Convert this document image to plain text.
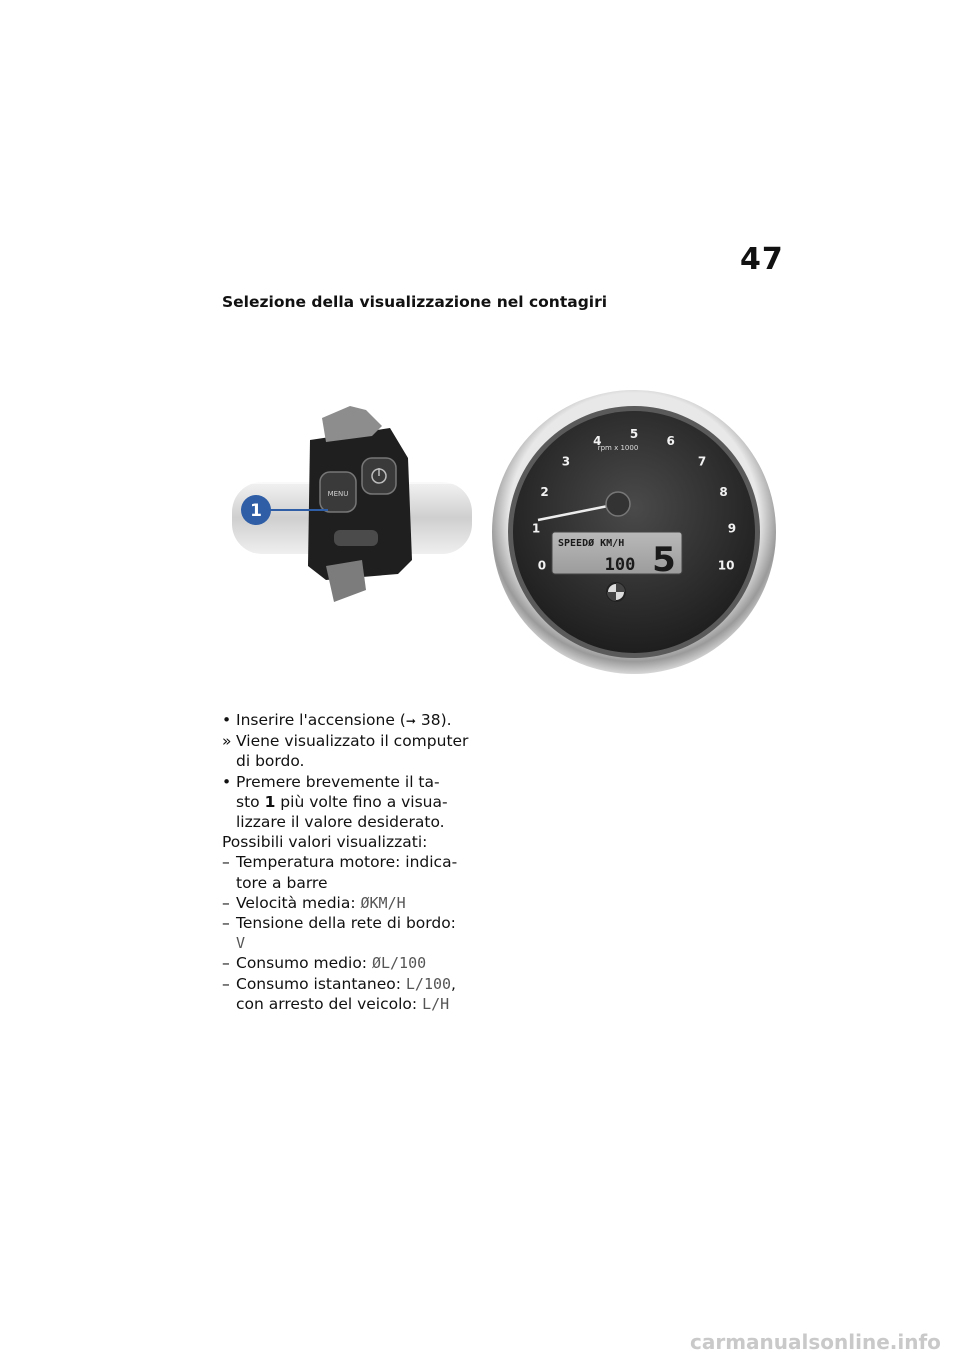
47
Selezione della visualizzazione nel contagiri
MENU
1
0
1
2
3
4
5
6
7
8
9
10
rpm x 1000
SPEEDØ KM/H
100 5
• Inserire l'accensione (➞ 38).
» Viene visualizzato il computer
di bordo.
• Premere brevemente il ta-
sto 1 più volte fino a visua-
lizzare il valore desiderato.
Possibili valori visualizzati:
– Temperatura motore: indica-
tore a barre
– Velocità media: ØKM/H
– Tensione della rete di bordo:
V
– Consumo medio: ØL/100
– Consumo istantaneo: L/100,
con arresto del veicolo: L/H
carmanualsonline.info
